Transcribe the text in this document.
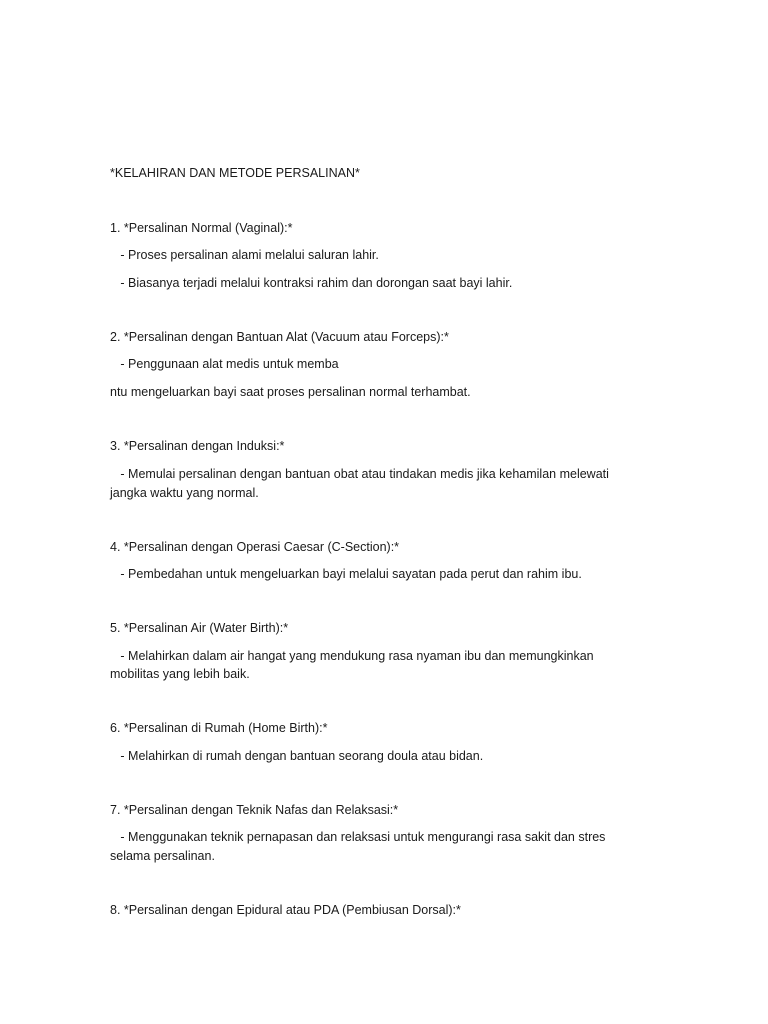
*KELAHIRAN DAN METODE PERSALINAN*

1. *Persalinan Normal (Vaginal):*

- Proses persalinan alami melalui saluran lahir.

- Biasanya terjadi melalui kontraksi rahim dan dorongan saat bayi lahir.

2. *Persalinan dengan Bantuan Alat (Vacuum atau Forceps):*

- Penggunaan alat medis untuk memba

ntu mengeluarkan bayi saat proses persalinan normal terhambat.

3. *Persalinan dengan Induksi:*

- Memulai persalinan dengan bantuan obat atau tindakan medis jika kehamilan melewati

jangka waktu yang normal.

4. *Persalinan dengan Operasi Caesar (C-Section):*

- Pembedahan untuk mengeluarkan bayi melalui sayatan pada perut dan rahim ibu.

5. *Persalinan Air (Water Birth):*

- Melahirkan dalam air hangat yang mendukung rasa nyaman ibu dan memungkinkan

mobilitas yang lebih baik.

6. *Persalinan di Rumah (Home Birth):*

- Melahirkan di rumah dengan bantuan seorang doula atau bidan.

7. *Persalinan dengan Teknik Nafas dan Relaksasi:*

- Menggunakan teknik pernapasan dan relaksasi untuk mengurangi rasa sakit dan stres

selama persalinan.

8. *Persalinan dengan Epidural atau PDA (Pembiusan Dorsal):*
